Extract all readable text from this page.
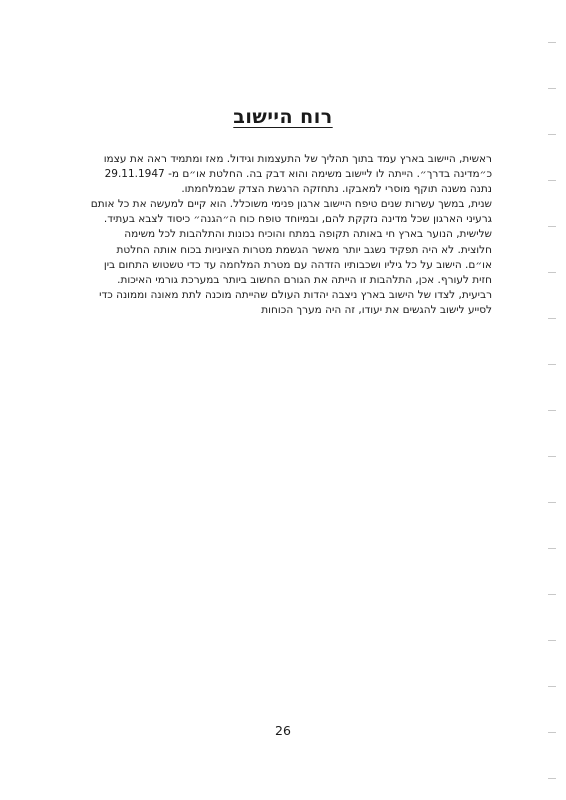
רוח היישוב

ראשית, היישוב בארץ עמד בתוך תהליך של התעצמות וגידול. מאז ומתמיד ראה את עצמו כ״מדינה בדרך״. הייתה לו ליישוב משימה והוא דבק בה. החלטת או״ם מ- 29.11.1947 נתנה משנה תוקף מוסרי למאבקו. נתחזקה הרגשת הצדק שבמלחמתו.

שנית, במשך עשרות שנים טיפח היישוב ארגון פנימי משוכלל. הוא קיים למעשה את כל אותם גרעיני הארגון שכל מדינה נזקקת להם, ובמיוחד טופח כוח ה״הגנה״ כיסוד לצבא בעתיד.

שלישית, הנוער בארץ חי באותה תקופה במתח והוכיח נכונות והתלהבות לכל משימה חלוצית. לא היה תפקיד נשגב יותר מאשר הגשמת מטרות הציוניות בכוח אותה החלטת או״ם. הישוב על כל גיליו ושכבותיו הזדהה עם מטרת המלחמה עד כדי טשטוש התחום בין חזית לעורף. אכן, התלהבות זו הייתה את הגורם החשוב ביותר במערכת גורמי האיכות.

רביעית, לצדו של הישוב בארץ ניצבה יהדות העולם שהייתה מוכנה לתת מאונה וממונה כדי לסייע לישוב להגשים את יעודו, זה היה מערך הכוחות

26
